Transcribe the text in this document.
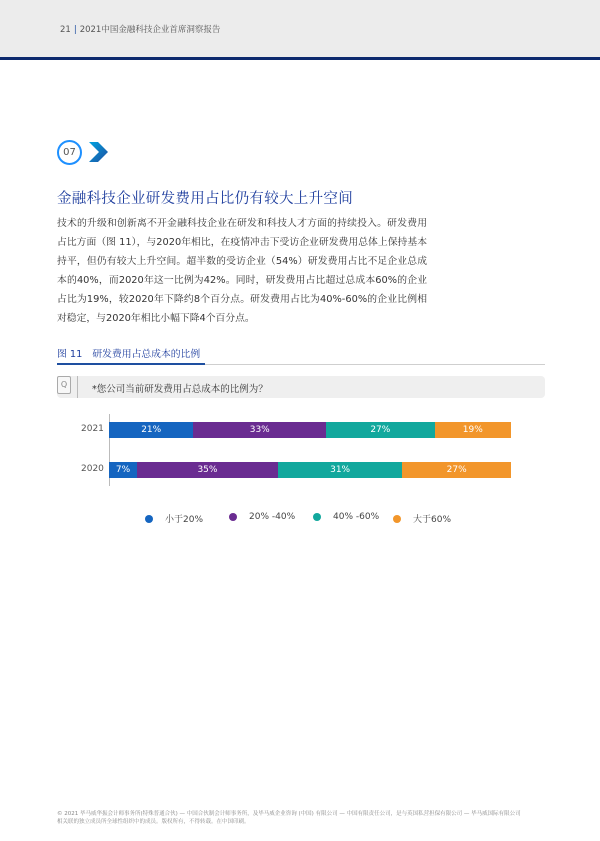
21 | 2021中国金融科技企业首席洞察报告
07
金融科技企业研发费用占比仍有较大上升空间
技术的升级和创新离不开金融科技企业在研发和科技人才方面的持续投入。研发费用占比方面（图 11），与2020年相比，在疫情冲击下受访企业研发费用总体上保持基本持平，但仍有较大上升空间。超半数的受访企业（54%）研发费用占比不足企业总成本的40%，而2020年这一比例为42%。同时，研发费用占比超过总成本60%的企业占比为19%，较2020年下降约8个百分点。研发费用占比为40%-60%的企业比例相对稳定，与2020年相比小幅下降4个百分点。
图 11 研发费用占总成本的比例
Q	*您公司当前研发费用占总成本的比例为？
2021	21%	33%	27%	19%
2020	7%	35%	31%	27%
小于20%	20% -40%	40% -60%	大于60%
© 2021 毕马威华振会计师事务所(特殊普通合伙) — 中国合伙制会计师事务所，及毕马威企业咨询 (中国) 有限公司 — 中国有限责任公司，是与英国私营担保有限公司 — 毕马威国际有限公司
相关联的独立成员所全球性组织中的成员。版权所有，不得转载。在中国印刷。
